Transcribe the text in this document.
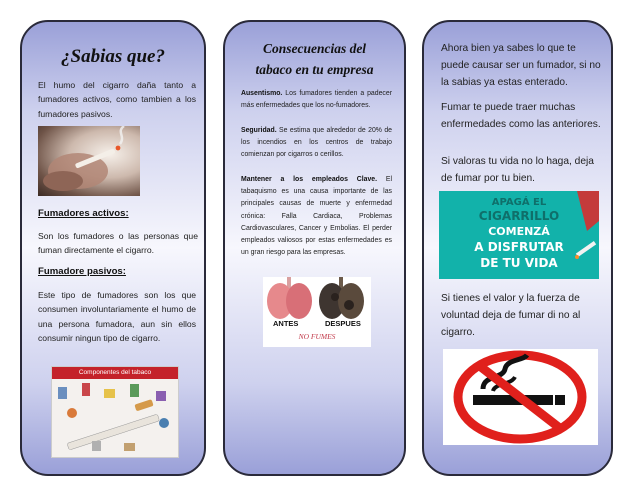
¿Sabias que?
El humo del cigarro daña tanto a fumadores activos, como tambien a los fumadores pasivos.
Fumadores activos:
Son los fumadores o las personas que fuman directamente el cigarro.
Fumadore pasivos:
Este tipo de fumadores son los que consumen involuntariamente el humo de una persona fumadora, aun sin ellos consumir ningun tipo de cigarro.
Componentes del tabaco
Consecuencias del
tabaco en tu empresa
Ausentismo. Los fumadores tienden a padecer más enfermedades que los no-fumadores.
Seguridad. Se estima que alrededor de 20% de los incendios en los centros de trabajo comienzan por cigarros o cerillos.
Mantener a los empleados Clave. El tabaquismo es una causa importante de las principales causas de muerte y enfermedad crónica: Falla Cardiaca, Problemas Cardiovasculares, Cancer y Embolias. El perder empleados valiosos por estas enfermedades es un gran riesgo para las empresas.
ANTES	DESPUES
NO FUMES
Ahora bien ya sabes lo que te puede causar ser un fumador, si no la sabias ya estas enterado.
Fumar te puede traer muchas enfermedades como las anteriores.
Si valoras tu vida no lo haga, deja de fumar por tu bien.
APAGÁ EL
CIGARRILLO
COMENZÁ
A DISFRUTAR
DE TU VIDA
Si tienes el valor y la fuerza de voluntad deja de fumar di no al cigarro.
